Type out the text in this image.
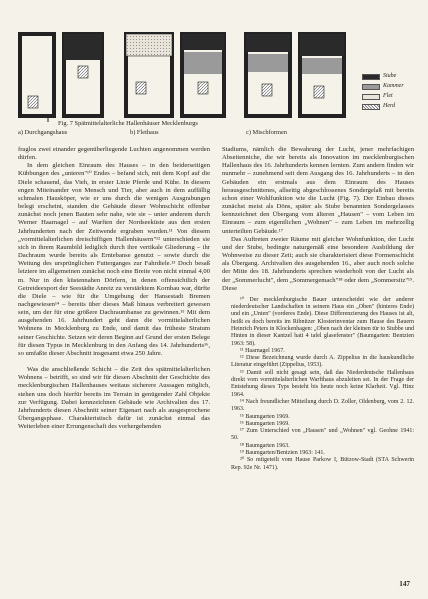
Stube
Kammer
Flet
Herd
Fig. 7 Spätmittelalterliche Hallenhäuser Mecklenburgs
a) Durchgangshaus	b) Flethaus	c) Mischformen

fraglos zwei einander gegenüberliegende Luchten angenommen werden dürfen.

In dem gleichen Einraum des Hauses – in den beiderseitigen Kübbungen des „unteren"¹⁰ Endes – befand sich, mit dem Kopf auf die Diele schauend, das Vieh, in erster Linie Pferde und Kühe. In diesem engen Miteinander von Mensch und Tier, aber auch in dem auffällig schmalen Hausköper, wie er uns durch die wenigen Ausgrabungen belegt erscheint, standen die Gebäude dieser Wohnschicht offenbar zunächst noch jenen Bauten sehr nahe, wie sie – unter anderem durch Werner Haarnagel – auf Warften der Nordseeküste aus den ersten Jahrhunderten nach der Zeitwende ergraben wurden.¹¹ Von diesem „vormittelalterlichen dreischiffigen Hallenhäusern"¹² unterschieden sie sich in ihrem Raumbild lediglich durch ihre vertikale Gliederung – ihr Dachraum wurde bereits als Erntebanse genutzt – sowie durch die Weitung des ursprünglichen Futterganges zur Fahrdiele.¹³ Doch besaß letztere im allgemeinen zunächst noch eine Breite von nicht einmal 4,00 m. Nur in den küstennahen Dörfern, in denen offensichtlich der Getreideexport der Seestädte Anreiz zu verstärktem Kornbau war, dürfte die Diele – wie für die Umgebung der Hansestadt Bremen nachgewiesen¹⁴ – bereits über dieses Maß hinaus verbreitert gewesen sein, um der für eine größere Dachraumbanse zu gewinnen.¹⁵ Mit dem ausgehenden 16. Jahrhundert geht dann die vormittelalterlichen Wohnens in Mecklenburg zu Ende, und damit das früheste Stratum seiner Geschichte. Setzen wir deren Beginn auf Grund der ersten Belege für diesen Typus in Mecklenburg in den Anfang des 14. Jahrhunderts¹⁶, so umfaßte dieser Abschnitt insgesamt etwa 250 Jahre.

Was die anschließende Schicht – die Zeit des spätmittelalterlichen Wohnens – betrifft, so sind wir für diesen Abschnitt der Geschichte des mecklenburgischen Hallenhauses weitaus sicherere Aussagen möglich, stehen uns doch hierfür bereits im Terrain in genügender Zahl Objekte zur Verfügung. Dabei kennzeichnen Gebäude wie Archivalien des 17. Jahrhunderts diesen Abschnitt seiner Eigenart nach als ausgesprochene Übergangsphase. Charakteristisch dafür ist zunächst einmal das Weiterleben einer Errungenschaft des vorhergehenden

Stadiums, nämlich die Bewahrung der Lucht, jener mehrfachigen Abseitenniche, die wir bereits als Innovation im mecklenburgischen Hallenhaus des 16. Jahrhunderts kennen lernten. Zum andern finden wir nunmehr – zunehmend seit dem Ausgang des 16. Jahrhunderts – in den Gebäuden ein erstmals aus dem Einraum des Hauses herausgeschnittenes, allseitig abgeschlossenes Sondergelaß mit bereits schon einer Wohlfunktion wie die Lucht (Fig. 7). Der Einbau dieses zunächst meist als Döns, später als Stube benannten Sondergelasses kennzeichnet den Übergang vom älteren „Hausen" – vom Leben im Einraum – zum eigentlichen „Wohnen" – zum Leben im mehrzellig unterteilten Gebäude.¹⁷

Das Auftreten zweier Räume mit gleicher Wohnfunktion, der Lucht und der Stube, bedingte naturgemäß eine besondere Ausbildung der Wohnweise zu dieser Zeit; auch sie charakterisiert diese Formenschicht als Übergang. Archivalien des ausgehenden 16., aber auch noch solche der Mitte des 18. Jahrhunderts sprechen wiederholt von der Lucht als der „Sommerlucht", dem „Sommergemach"¹⁸ oder dem „Sommersitz"¹⁹. Diese

¹⁰ Der mecklenburgische Bauer unterscheidet wie der anderer niederdeutscher Landschaften in seinem Haus ein „Oben" (hinteres Ende) und ein „Unten" (vorderes Ende). Diese Differenzierung des Hauses ist alt, heißt es doch bereits im Ribnitzer Klosterinventar zum Hause des Bauern Heinrich Peters in Klockenhagen: „Oben nach der kleinen tür to Stubbe und Hinten in dieser Kantzel hatt 4 tafel glasefenster" (Baumgarten: Bentzien 1963: 58).

¹¹ Haarnagel 1967.

¹² Diese Bezeichnung wurde durch A. Zippelius in die hauskundliche Literatur eingeführt (Zippelius, 1953).

¹³ Damit soll nicht gesagt sein, daß das Niederdeutsche Hallenhaus direkt vom vormittelalterlichen Warfthaus abzuleiten sei. In der Frage der Entstehung dieses Typs besteht bis heute noch keine Klarheit. Vgl. Hinz 1964.

¹⁴ Nach freundlicher Mitteilung durch D. Zoller, Oldenburg, vom 2. 12. 1963.

¹⁵ Baumgarten 1969.

¹⁶ Baumgarten 1969.

¹⁷ Zum Unterschied von „Hausen" und „Wohnen" vgl. Geohne 1941: 50.

¹⁸ Baumgarten 1963.

¹⁹ Baumgarten/Bentzien 1963: 141.

²⁰ So mitgeteilt vom Hause Parkow I, Bützow-Stadt (STA Schwerin Rep. 92e Nr. 1471).

147
